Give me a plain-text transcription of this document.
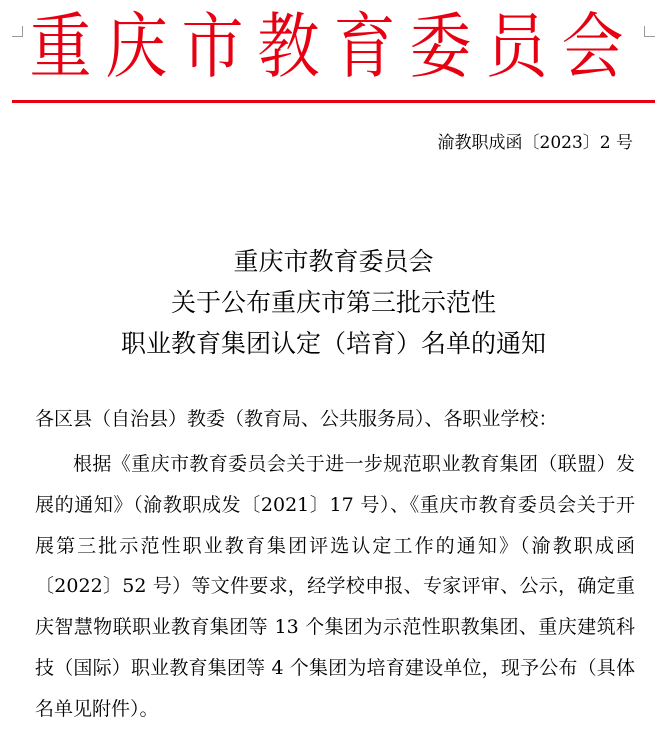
重庆市教育委员会
渝教职成函〔2023〕2 号
重庆市教育委员会
关于公布重庆市第三批示范性
职业教育集团认定（培育）名单的通知
各区县（自治县）教委（教育局、公共服务局）、各职业学校：

根据《重庆市教育委员会关于进一步规范职业教育集团（联盟）发展的通知》（渝教职成发〔2021〕17 号）、《重庆市教育委员会关于开展第三批示范性职业教育集团评选认定工作的通知》（渝教职成函〔2022〕52 号）等文件要求，经学校申报、专家评审、公示，确定重庆智慧物联职业教育集团等 13 个集团为示范性职教集团、重庆建筑科技（国际）职业教育集团等 4 个集团为培育建设单位，现予公布（具体名单见附件）。
